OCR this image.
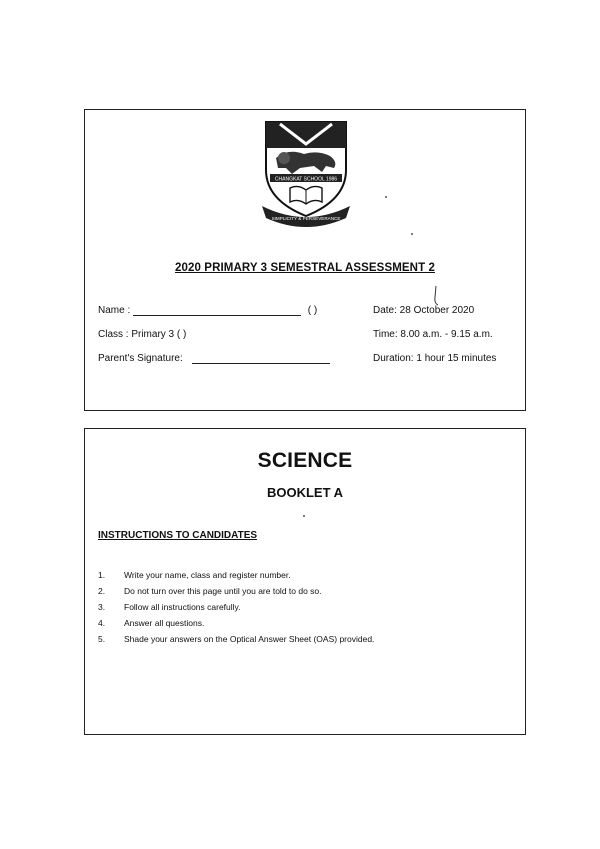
CHANGKAT SCHOOL 1986
SIMPLICITY & PERSEVERANCE
2020 PRIMARY 3 SEMESTRAL ASSESSMENT 2
Name :	( )
Class : Primary 3 ( )
Parent's Signature:
Date: 28 October 2020
Time: 8.00 a.m. - 9.15 a.m.
Duration: 1 hour 15 minutes
SCIENCE
BOOKLET A
INSTRUCTIONS TO CANDIDATES
1. Write your name, class and register number.
2. Do not turn over this page until you are told to do so.
3. Follow all instructions carefully.
4. Answer all questions.
5. Shade your answers on the Optical Answer Sheet (OAS) provided.
